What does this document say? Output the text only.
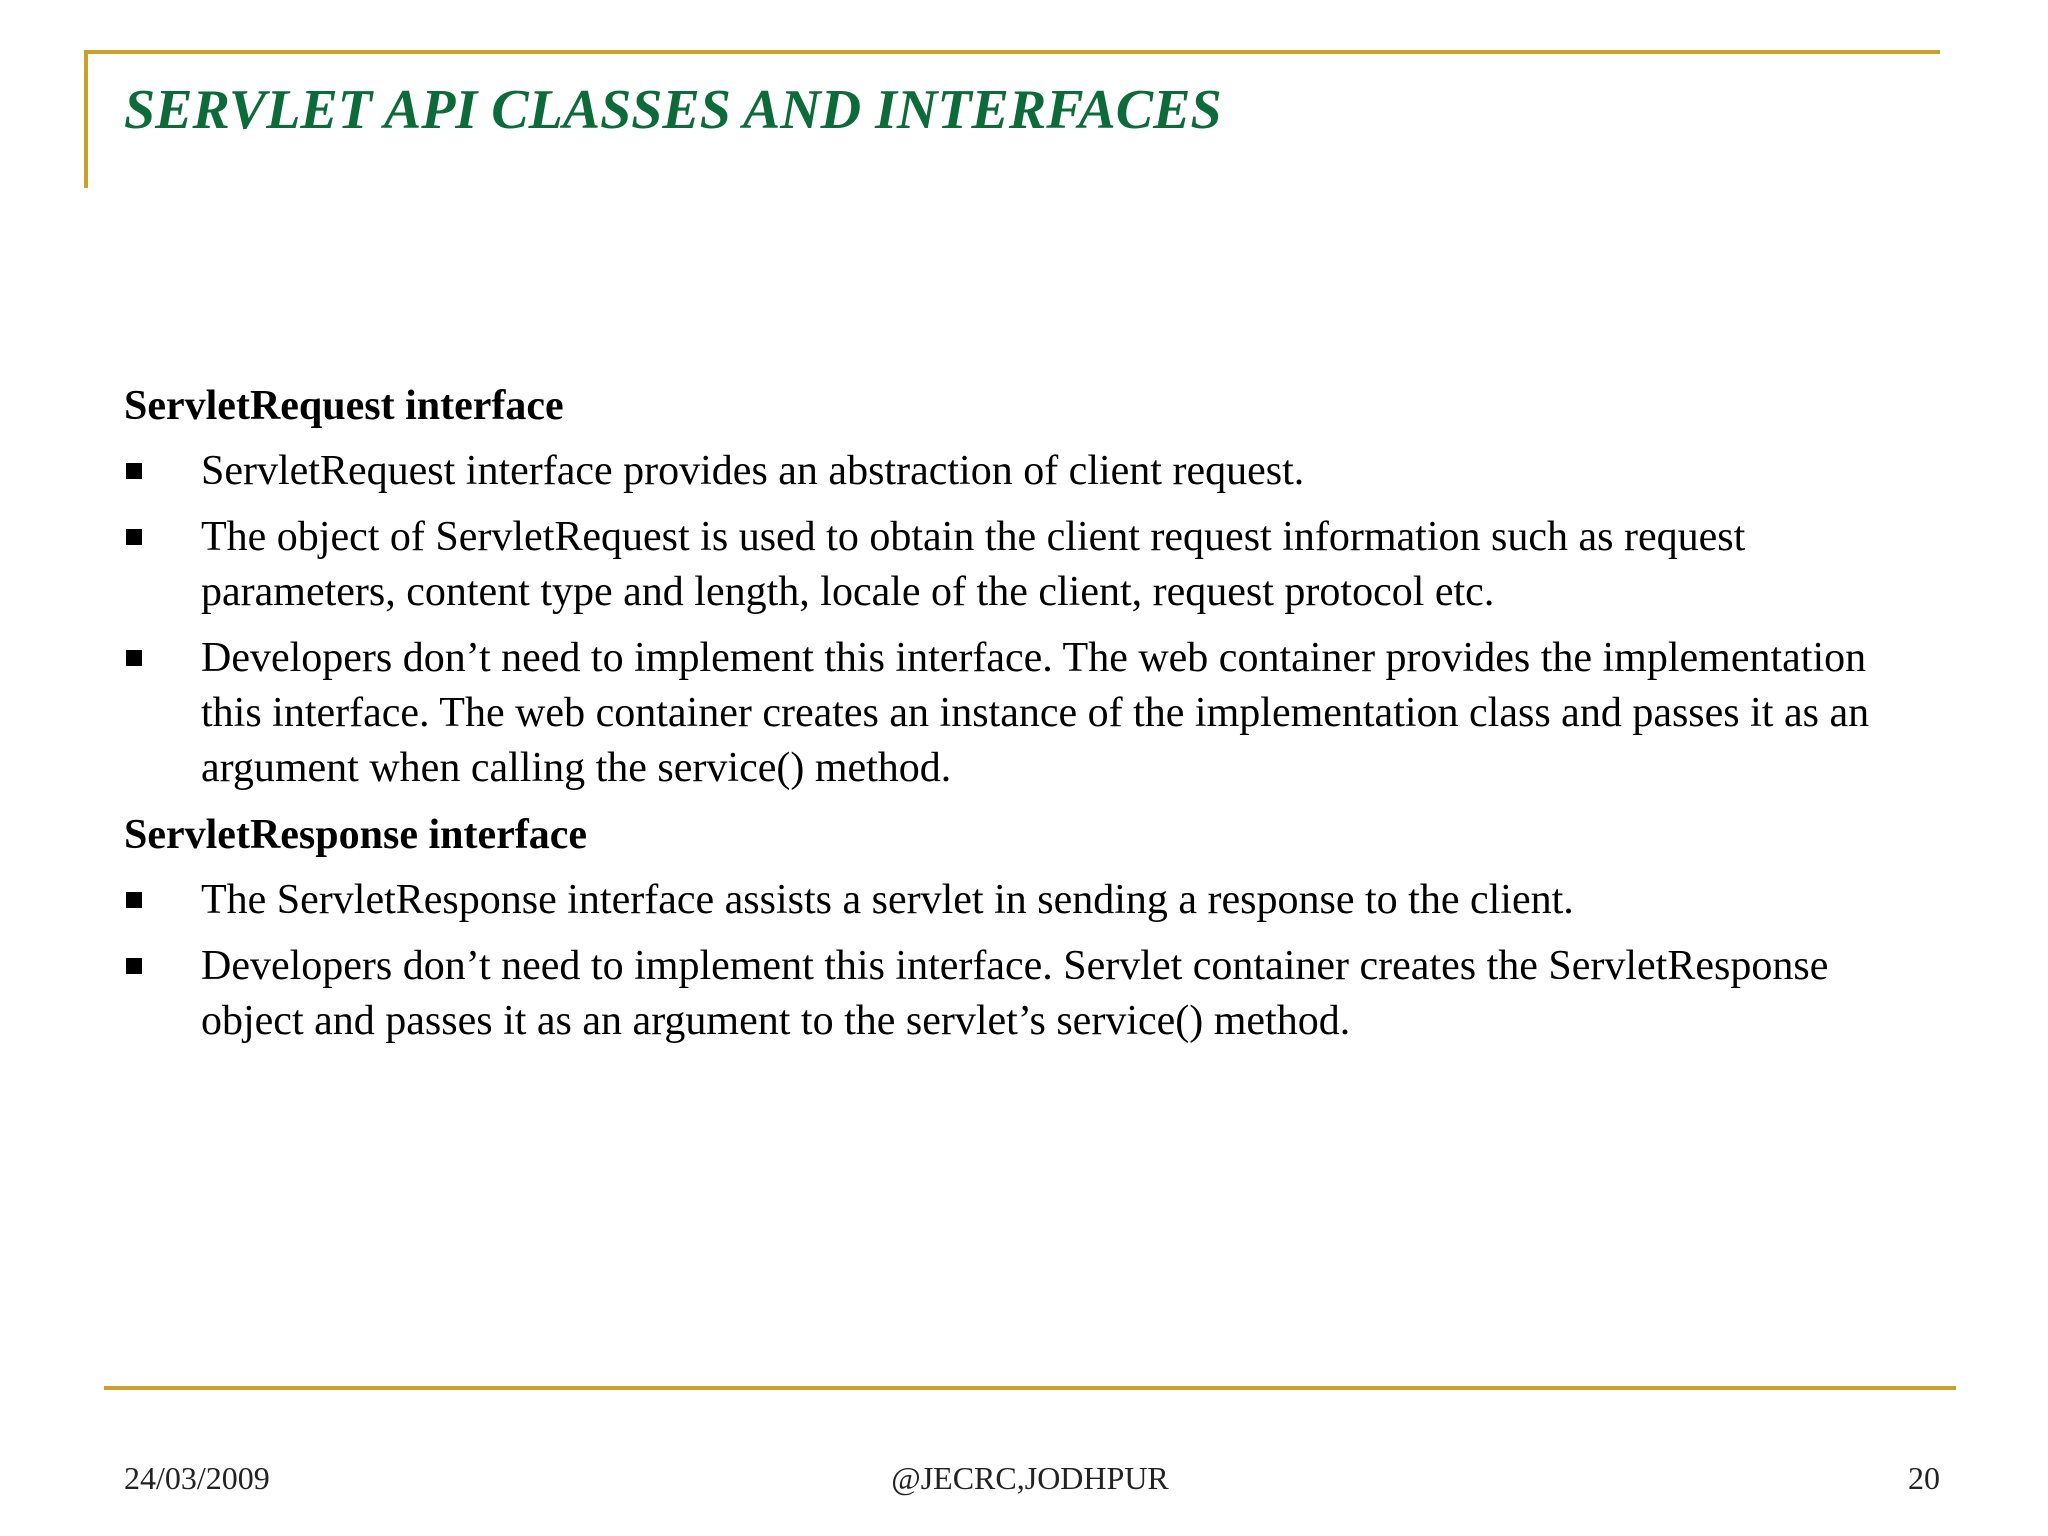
SERVLET API CLASSES AND INTERFACES
ServletRequest interface
ServletRequest interface provides an abstraction of client request.
The object of ServletRequest is used to obtain the client request information such as request parameters, content type and length, locale of the client, request protocol etc.
Developers don’t need to implement this interface. The web container provides the implementation this interface. The web container creates an instance of the implementation class and passes it as an argument when calling the service() method.
ServletResponse interface
The ServletResponse interface assists a servlet in sending a response to the client.
Developers don’t need to implement this interface. Servlet container creates the ServletResponse object and passes it as an argument to the servlet’s service() method.
24/03/2009	@JECRC,JODHPUR	20
